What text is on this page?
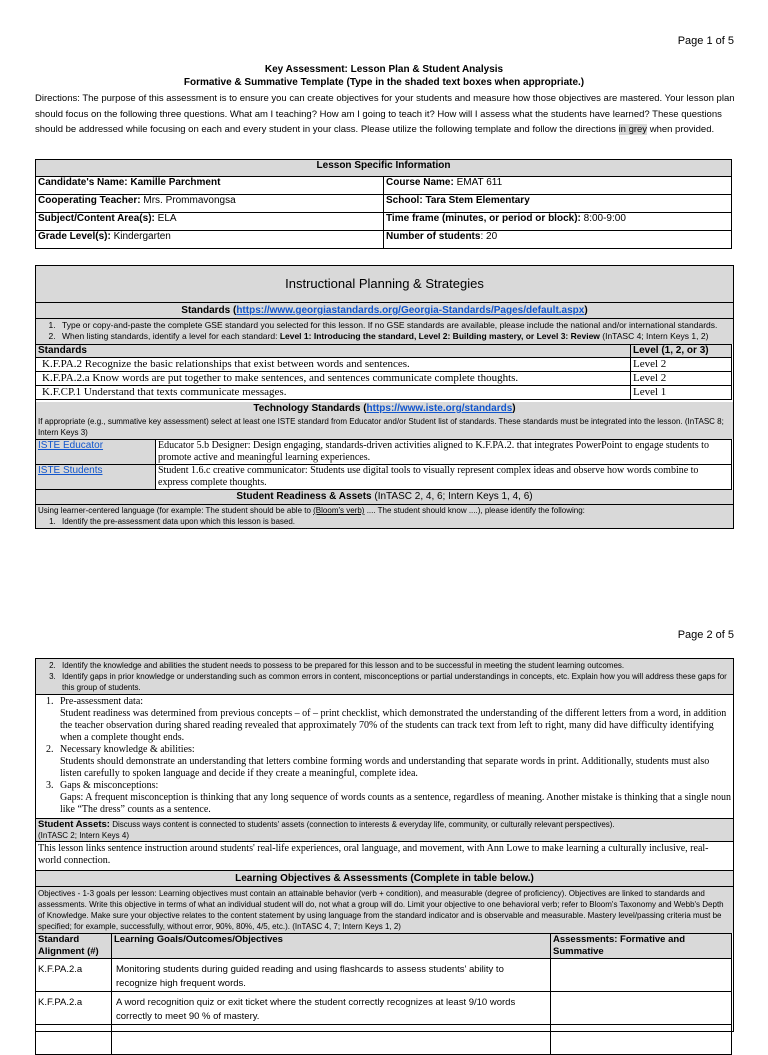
Page 1 of 5
Key Assessment: Lesson Plan & Student Analysis
Formative & Summative Template (Type in the shaded text boxes when appropriate.)
Directions: The purpose of this assessment is to ensure you can create objectives for your students and measure how those objectives are mastered. Your lesson plan should focus on the following three questions. What am I teaching? How am I going to teach it? How will I assess what the students have learned? These questions should be addressed while focusing on each and every student in your class. Please utilize the following template and follow the directions in grey when provided.
Lesson Specific Information	
Candidate's Name: Kamille Parchment	Course Name: EMAT 611
Cooperating Teacher: Mrs. Prommavongsa	School: Tara Stem Elementary
Subject/Content Area(s): ELA	Time frame (minutes, or period or block): 8:00-9:00
Grade Level(s): Kindergarten	Number of students: 20
Instructional Planning & Strategies
Standards (https://www.georgiastandards.org/Georgia-Standards/Pages/default.aspx)
1. Type or copy-and-paste the complete GSE standard you selected for this lesson. If no GSE standards are available, please include the national and/or international standards.
2. When listing standards, identify a level for each standard: Level 1: Introducing the standard, Level 2: Building mastery, or Level 3: Review (InTASC 4; Intern Keys 1, 2)
Standards	Level (1, 2, or 3)
K.F.PA.2 Recognize the basic relationships that exist between words and sentences.	Level 2
K.F.PA.2.a Know words are put together to make sentences, and sentences communicate complete thoughts.	Level 2
K.F.CP.1 Understand that texts communicate messages.	Level 1
Technology Standards (https://www.iste.org/standards)
If appropriate (e.g., summative key assessment) select at least one ISTE standard from Educator and/or Student list of standards. These standards must be integrated into the lesson. (InTASC 8; Intern Keys 3)
ISTE Educator	Educator 5.b Designer: Design engaging, standards-driven activities aligned to K.F.PA.2. that integrates PowerPoint to engage students to promote active and meaningful learning experiences.
ISTE Students	Student 1.6.c creative communicator: Students use digital tools to visually represent complex ideas and observe how words combine to express complete thoughts.
Student Readiness & Assets (InTASC 2, 4, 6; Intern Keys 1, 4, 6)
Using learner-centered language (for example: The student should be able to (Bloom's verb) .... The student should know ....), please identify the following:
1. Identify the pre-assessment data upon which this lesson is based.
Page 2 of 5
2. Identify the knowledge and abilities the student needs to possess to be prepared for this lesson and to be successful in meeting the student learning outcomes.
3. Identify gaps in prior knowledge or understanding such as common errors in content, misconceptions or partial understandings in concepts, etc. Explain how you will address these gaps for this group of students.
1. Pre-assessment data:
Student readiness was determined from previous concepts – of – print checklist, which demonstrated the understanding of the different letters from a word, in addition the teacher observation during shared reading revealed that approximately 70% of the students can track text from left to right, many did have difficulty identifying when a complete thought ends.
2. Necessary knowledge & abilities:
Students should demonstrate an understanding that letters combine forming words and understanding that separate words in print. Additionally, students must also listen carefully to spoken language and decide if they create a meaningful, complete idea.
3. Gaps & misconceptions:
Gaps: A frequent misconception is thinking that any long sequence of words counts as a sentence, regardless of meaning. Another mistake is thinking that a single noun like “The dress” counts as a sentence.
Student Assets: Discuss ways content is connected to students' assets (connection to interests & everyday life, community, or culturally relevant perspectives).
(InTASC 2; Intern Keys 4)
This lesson links sentence instruction around students' real-life experiences, oral language, and movement, with Ann Lowe to make learning a culturally inclusive, real-world connection.
Learning Objectives & Assessments (Complete in table below.)
Objectives - 1-3 goals per lesson: Learning objectives must contain an attainable behavior (verb + condition), and measurable (degree of proficiency). Objectives are linked to standards and assessments. Write this objective in terms of what an individual student will do, not what a group will do. Limit your objective to one behavioral verb; refer to Bloom's Taxonomy and Webb's Depth of Knowledge. Make sure your objective relates to the content statement by using language from the standard indicator and is observable and measurable. Mastery level/passing criteria must be specified; for example, successfully, without error, 90%, 80%, 4/5, etc.). (InTASC 4, 7; Intern Keys 1, 2)
Standard Alignment (#)	Learning Goals/Outcomes/Objectives	Assessments: Formative and Summative
K.F.PA.2.a	Monitoring students during guided reading and using flashcards to assess students' ability to recognize high frequent words.	
K.F.PA.2.a	A word recognition quiz or exit ticket where the student correctly recognizes at least 9/10 words correctly to meet 90 % of mastery.	
